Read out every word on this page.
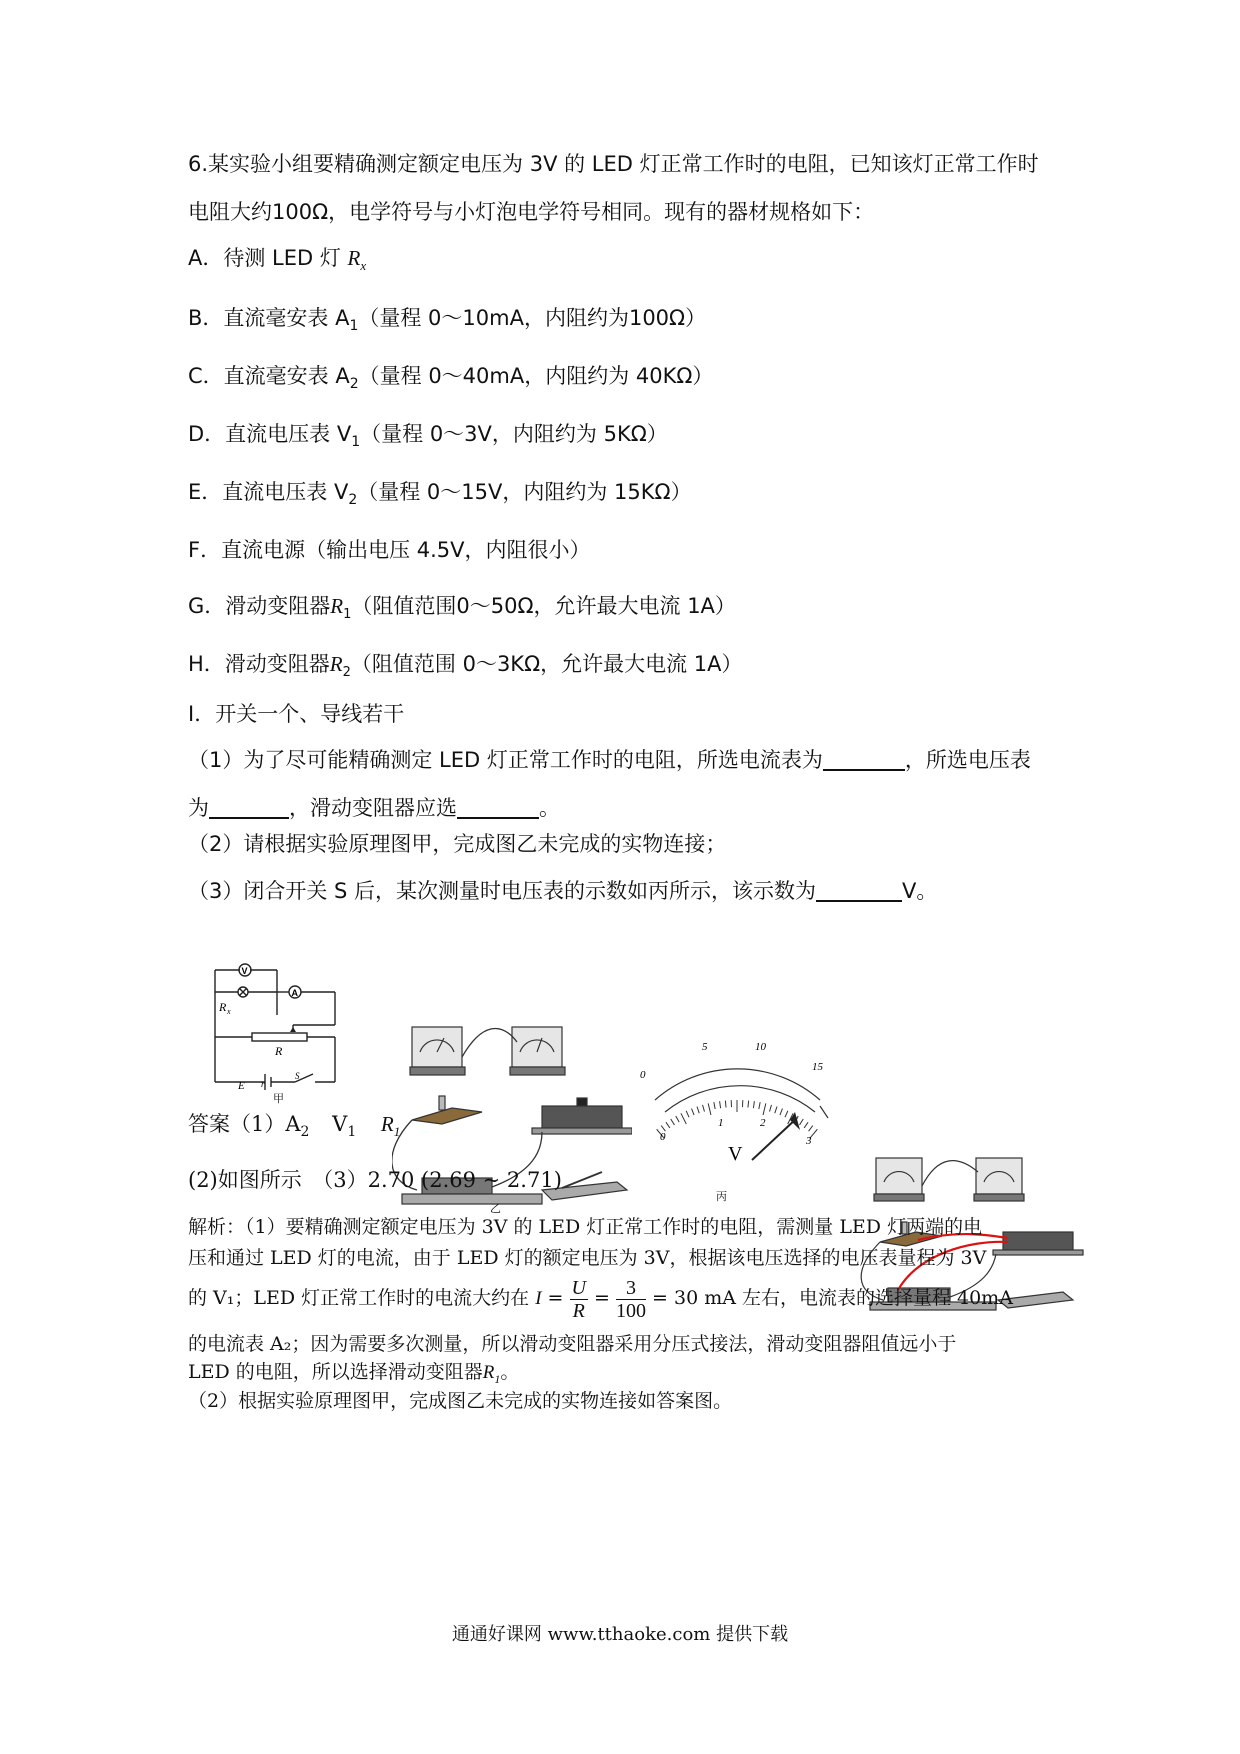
6.某实验小组要精确测定额定电压为 3V 的 LED 灯正常工作时的电阻，已知该灯正常工作时
电阻大约100Ω，电学符号与小灯泡电学符号相同。现有的器材规格如下：
A．待测 LED 灯 $R_x$
B．直流毫安表 $A_1$（量程 0～10mA，内阻约为100Ω）
C．直流毫安表 $A_2$（量程 0～40mA，内阻约为 40KΩ）
D．直流电压表 $V_1$（量程 0～3V，内阻约为 5KΩ）
E．直流电压表 $V_2$（量程 0～15V，内阻约为 15KΩ）
F．直流电源（输出电压 4.5V，内阻很小）
G．滑动变阻器$R_1$（阻值范围0～50Ω，允许最大电流 1A）
H．滑动变阻器$R_2$（阻值范围 0～3KΩ，允许最大电流 1A）
I．开关一个、导线若干
（1）为了尽可能精确测定 LED 灯正常工作时的电阻，所选电流表为	，所选电压表
为	，滑动变阻器应选	。
（2）请根据实验原理图甲，完成图乙未完成的实物连接；
（3）闭合开关 S 后，某次测量时电压表的示数如丙所示，该示数为	V。
V
A
R x
R
E r
S
甲
乙
0
5	10
15
0
1	2
3
V
丙
答案$(1)A_2$ $V_1$ $R_1$
(2)如图所示　（3）2.70 (2.69 ~ 2.71)
解析：（1）要精确测定额定电压为 3V 的 LED 灯正常工作时的电阻，需测量 LED 灯两端的电
压和通过 LED 灯的电流，由于 LED 灯的额定电压为 3V，根据该电压选择的电压表量程为 3V
的 V₁；LED 灯正常工作时的电流大约在 $I = \frac{U}{R} = \frac{3}{100} = 30$ mA 左右，电流表的选择量程 40mA
的电流表 A₂；因为需要多次测量，所以滑动变阻器采用分压式接法，滑动变阻器阻值远小于
LED 的电阻，所以选择滑动变阻器$R_1$。
（2）根据实验原理图甲，完成图乙未完成的实物连接如答案图。
通通好课网 www.tthaoke.com 提供下载
